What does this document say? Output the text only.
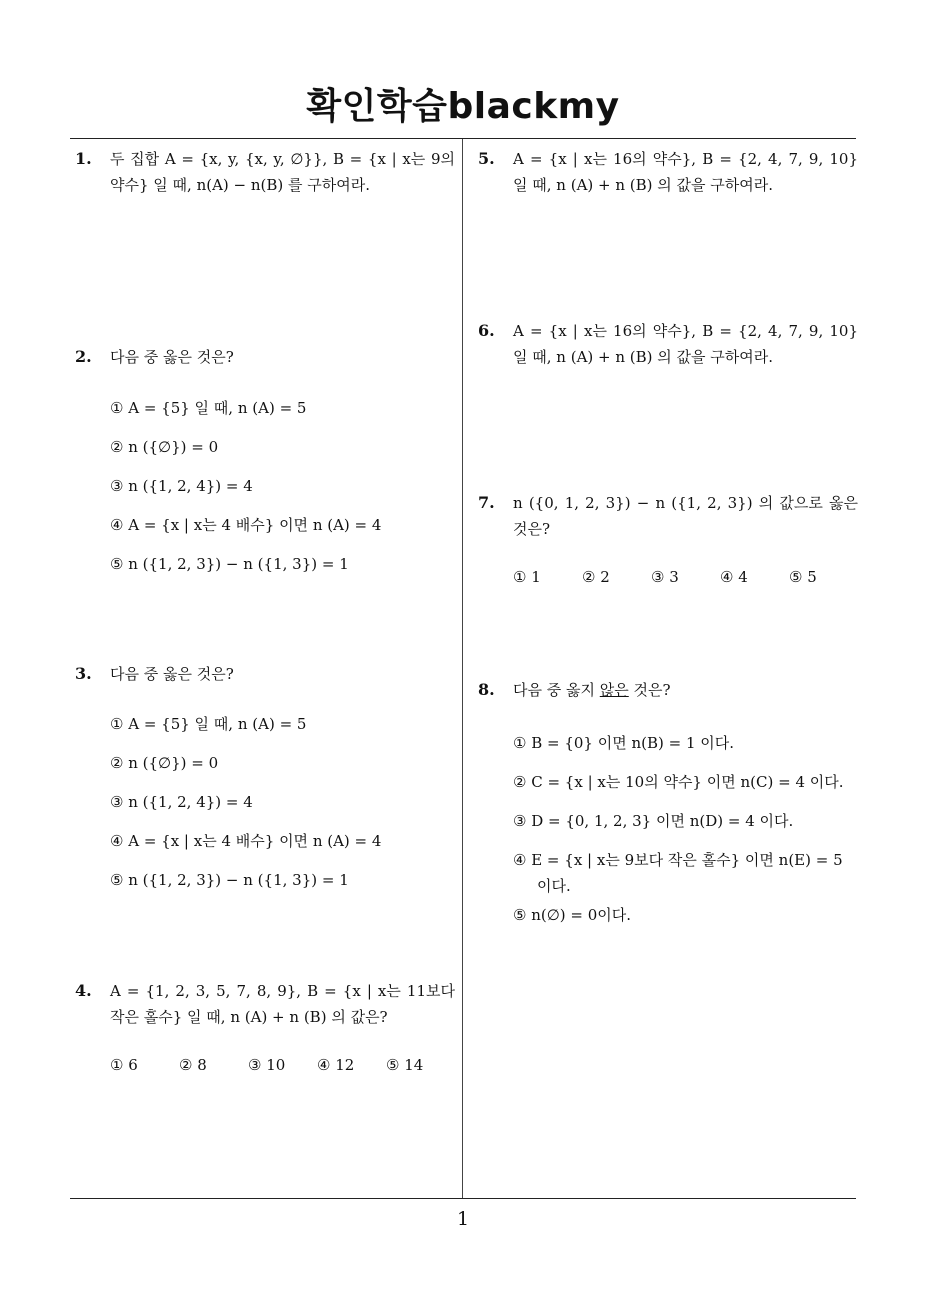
확인학습blackmy
1. 두 집합 A = {x, y, {x, y, ∅}}, B = {x | x는 9의 약수} 일 때, n(A) − n(B) 를 구하여라.
2. 다음 중 옳은 것은?
① A = {5} 일 때, n (A) = 5
② n ({∅}) = 0
③ n ({1, 2, 4}) = 4
④ A = {x | x는 4 배수} 이면 n (A) = 4
⑤ n ({1, 2, 3}) − n ({1, 3}) = 1
3. 다음 중 옳은 것은?
① A = {5} 일 때, n (A) = 5
② n ({∅}) = 0
③ n ({1, 2, 4}) = 4
④ A = {x | x는 4 배수} 이면 n (A) = 4
⑤ n ({1, 2, 3}) − n ({1, 3}) = 1
4. A = {1, 2, 3, 5, 7, 8, 9}, B = {x | x는 11보다 작은 홀수} 일 때, n (A) + n (B) 의 값은?
① 6	② 8	③ 10	④ 12	⑤ 14
5. A = {x | x는 16의 약수}, B = {2, 4, 7, 9, 10} 일 때, n (A) + n (B) 의 값을 구하여라.
6. A = {x | x는 16의 약수}, B = {2, 4, 7, 9, 10} 일 때, n (A) + n (B) 의 값을 구하여라.
7. n ({0, 1, 2, 3}) − n ({1, 2, 3}) 의 값으로 옳은 것은?
① 1	② 2	③ 3	④ 4	⑤ 5
8. 다음 중 옳지 않은 것은?
① B = {0} 이면 n(B) = 1 이다.
② C = {x | x는 10의 약수} 이면 n(C) = 4 이다.
③ D = {0, 1, 2, 3} 이면 n(D) = 4 이다.
④ E = {x | x는 9보다 작은 홀수} 이면 n(E) = 5 이다.
⑤ n(∅) = 0이다.
1
